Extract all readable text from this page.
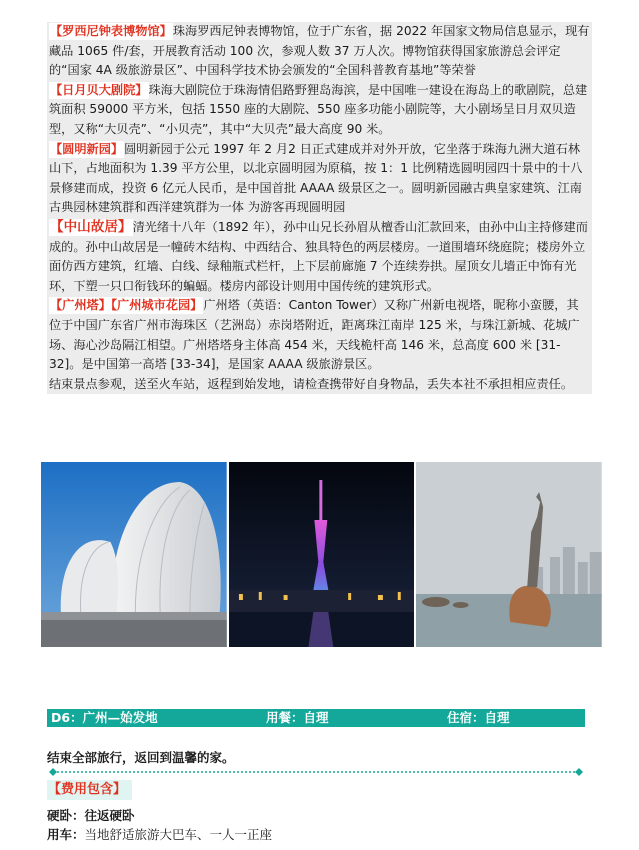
【罗西尼钟表博物馆】珠海罗西尼钟表博物馆，位于广东省，据 2022 年国家文物局信息显示，现有藏品 1065 件/套，开展教育活动 100 次，参观人数 37 万人次。博物馆获得国家旅游总会评定的“国家 4A 级旅游景区”、中国科学技术协会颁发的“全国科普教育基地”等荣誉

【日月贝大剧院】珠海大剧院位于珠海情侣路野狸岛海滨，是中国唯一建设在海岛上的歌剧院，总建筑面积 59000 平方米，包括 1550 座的大剧院、550 座多功能小剧院等，大小剧场呈日月双贝造型，又称“大贝壳”、“小贝壳”，其中“大贝壳”最大高度 90 米。

【圆明新园】圆明新园于公元 1997 年 2 月2 日正式建成并对外开放，它坐落于珠海九洲大道石林山下，占地面积为 1.39 平方公里，以北京圆明园为原稿，按 1：1 比例精选圆明园四十景中的十八景修建而成，投资 6 亿元人民币，是中国首批 AAAA 级景区之一。圆明新园融古典皇家建筑、江南古典园林建筑群和西洋建筑群为一体 为游客再现圆明园

【中山故居】清光绪十八年（1892 年），孙中山兄长孙眉从檀香山汇款回来，由孙中山主持修建而成的。孙中山故居是一幢砖木结构、中西结合、独具特色的两层楼房。一道围墙环绕庭院；楼房外立面仿西方建筑，红墙、白线、绿釉瓶式栏杆，上下层前廊施 7 个连续券拱。屋顶女儿墙正中饰有光环，下塑一只口衔钱环的蝙蝠。楼房内部设计则用中国传统的建筑形式。

【广州塔】【广州城市花园】广州塔（英语：Canton Tower）又称广州新电视塔，昵称小蛮腰，其位于中国广东省广州市海珠区（艺洲岛）赤岗塔附近，距离珠江南岸 125 米，与珠江新城、花城广场、海心沙岛隔江相望。广州塔塔身主体高 454 米，天线桅杆高 146 米，总高度 600 米 [31-32]。是中国第一高塔 [33-34]，是国家 AAAA 级旅游景区。

结束景点参观，送至火车站，返程到始发地，请检查携带好自身物品，丢失本社不承担相应责任。

D6：广州—始发地	用餐：自理	住宿：自理
结束全部旅行，返回到温馨的家。
【费用包含】
硬卧：往返硬卧
用车：当地舒适旅游大巴车、一人一正座
